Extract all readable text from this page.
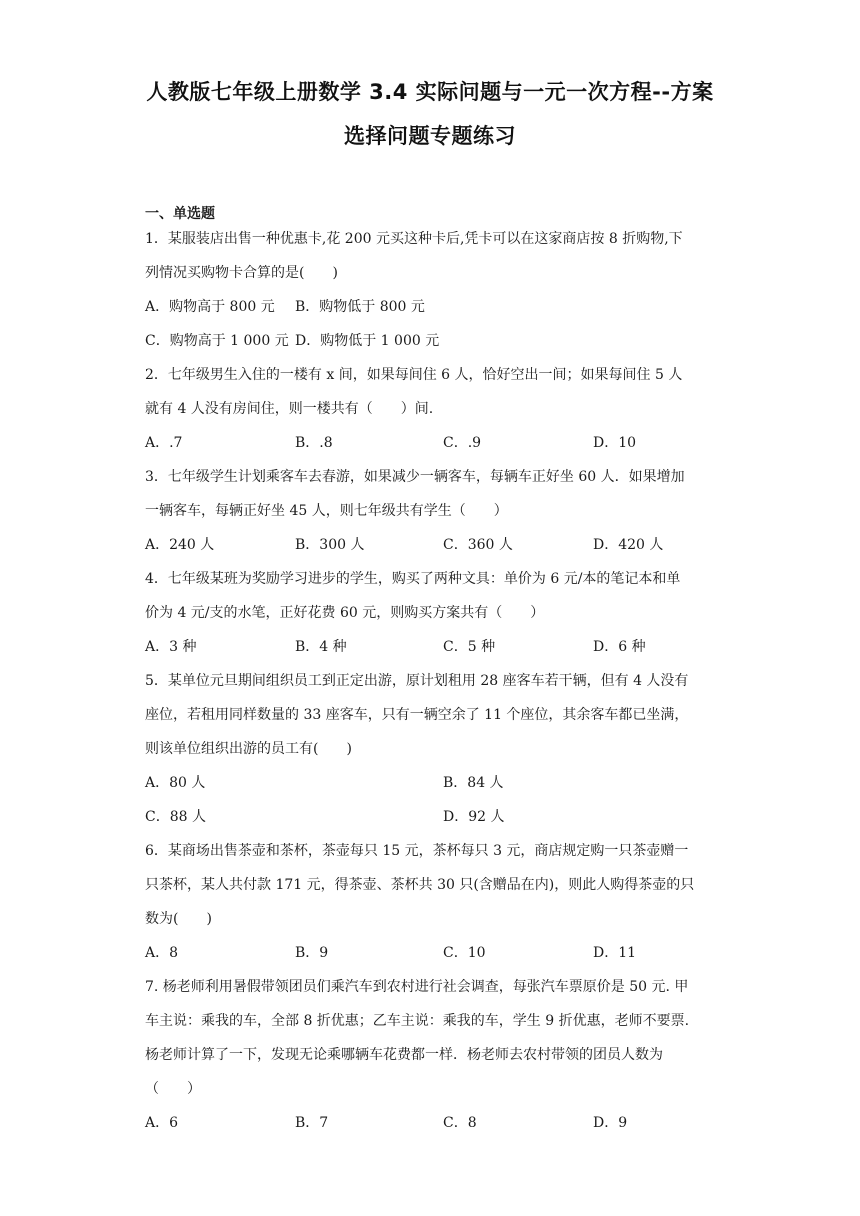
人教版七年级上册数学 3.4 实际问题与一元一次方程--方案
选择问题专题练习
一、单选题
1．某服装店出售一种优惠卡,花 200 元买这种卡后,凭卡可以在这家商店按 8 折购物,下
列情况买购物卡合算的是(　　)
A．购物高于 800 元 B．购物低于 800 元
C．购物高于 1 000 元 D．购物低于 1 000 元
2．七年级男生入住的一楼有 x 间，如果每间住 6 人，恰好空出一间；如果每间住 5 人
就有 4 人没有房间住，则一楼共有（　　）间.
A．.7	B．.8	C．.9	D．10
3．七年级学生计划乘客车去春游，如果减少一辆客车，每辆车正好坐 60 人．如果增加
一辆客车，每辆正好坐 45 人，则七年级共有学生（　　）
A．240 人	B．300 人	C．360 人	D．420 人
4．七年级某班为奖励学习进步的学生，购买了两种文具：单价为 6 元/本的笔记本和单
价为 4 元/支的水笔，正好花费 60 元，则购买方案共有（　　）
A．3 种	B．4 种	C．5 种	D．6 种
5．某单位元旦期间组织员工到正定出游，原计划租用 28 座客车若干辆，但有 4 人没有
座位，若租用同样数量的 33 座客车，只有一辆空余了 11 个座位，其余客车都已坐满，
则该单位组织出游的员工有(　　)
A．80 人	B．84 人
C．88 人	D．92 人
6．某商场出售茶壶和茶杯，茶壶每只 15 元，茶杯每只 3 元，商店规定购一只茶壶赠一
只茶杯，某人共付款 171 元，得茶壶、茶杯共 30 只(含赠品在内)，则此人购得茶壶的只
数为(　　)
A．8	B．9	C．10	D．11
7. 杨老师利用暑假带领团员们乘汽车到农村进行社会调查，每张汽车票原价是 50 元. 甲
车主说：乘我的车，全部 8 折优惠；乙车主说：乘我的车，学生 9 折优惠，老师不要票.
杨老师计算了一下，发现无论乘哪辆车花费都一样．杨老师去农村带领的团员人数为
（　　）
A．6	B．7	C．8	D．9
